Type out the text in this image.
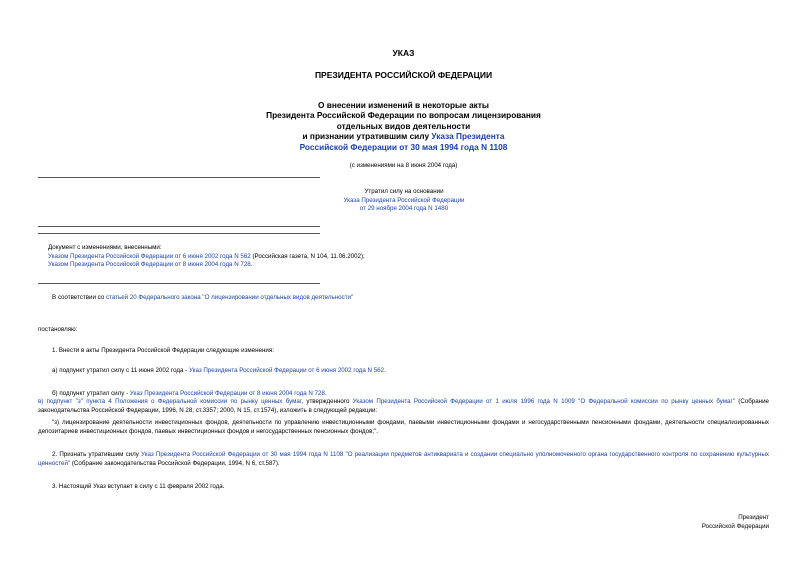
УКАЗ
ПРЕЗИДЕНТА РОССИЙСКОЙ ФЕДЕРАЦИИ
О внесении изменений в некоторые акты
Президента Российской Федерации по вопросам лицензирования
отдельных видов деятельности
и признании утратившим силу Указа Президента
Российской Федерации от 30 мая 1994 года N 1108
(с изменениями на 8 июня 2004 года)
Утратил силу на основании
Указа Президента Российской Федерации
от 29 ноября 2004 года N 1480
Документ с изменениями, внесенными:
Указом Президента Российской Федерации от 6 июня 2002 года N 562 (Российская газета, N 104, 11.06.2002);
Указом Президента Российской Федерации от 8 июня 2004 года N 728.
В соответствии со статьей 20 Федерального закона "О лицензировании отдельных видов деятельности"
постановляю:
1. Внести в акты Президента Российской Федерации следующие изменения:
а) подпункт утратил силу с 11 июня 2002 года - Указ Президента Российской Федерации от 6 июня 2002 года N 562.
б) подпункт утратил силу - Указ Президента Российской Федерации от 8 июня 2004 года N 728.
в) подпункт "з" пункта 4 Положения о Федеральной комиссии по рынку ценных бумаг, утвержденного Указом Президента Российской Федерации от 1 июля 1996 года N 1009 "О Федеральной комиссии по рынку ценных бумаг" (Собрание законодательства Российской Федерации, 1996, N 28, ст.3357; 2000, N 15, ст.1574), изложить в следующей редакции:
"з) лицензирование деятельности инвестиционных фондов, деятельности по управлению инвестиционными фондами, паевыми инвестиционными фондами и негосударственными пенсионными фондами, деятельности специализированных депозитариев инвестиционных фондов, паевых инвестиционных фондов и негосударственных пенсионных фондов;".
2. Признать утратившим силу Указ Президента Российской Федерации от 30 мая 1994 года N 1108 "О реализации предметов антиквариата и создании специально уполномоченного органа государственного контроля по сохранению культурных ценностей" (Собрание законодательства Российской Федерации, 1994, N 6, ст.587).
3. Настоящий Указ вступает в силу с 11 февраля 2002 года.
Президент
Российской Федерации
